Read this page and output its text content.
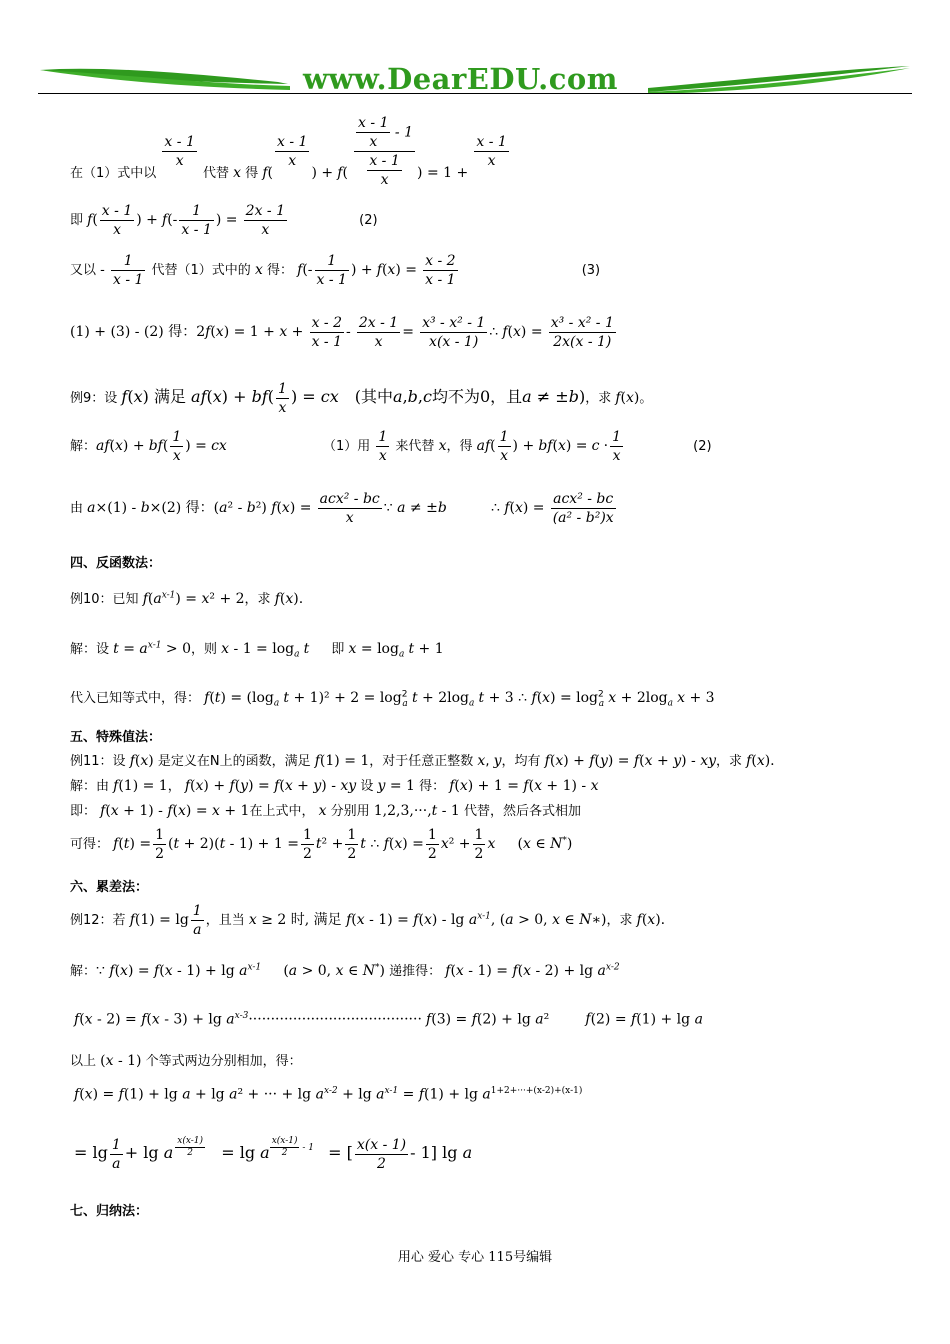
www.DearEDU.com
在（1）式中以
$\frac{x - 1}{x}$
代替 x 得 f(
$\frac{x - 1}{x}$
) + $f( \frac{\frac{x - 1}{x} - 1}{\frac{x - 1}{x}}$ ) = 1 +
$\frac{x - 1}{x}$
即 $f( \frac{x - 1}{x}$ ) + $f(- \frac{1}{x - 1}$ ) = $\frac{2x - 1}{x}$	(2)
又以 - $\frac{1}{x - 1}$ 代替（1）式中的 x 得： $f(- \frac{1}{x - 1}$ ) + $f(x) = \frac{x - 2}{x - 1}$	(3)
(1) + (3) - (2) 得：$2f(x) = 1 + x + \frac{x - 2}{x - 1} - \frac{2x - 1}{x} = \frac{\text{x³ - x² - 1}}{x(x - 1)}$ ∴ $f(x) = \frac{\text{x³ - x² - 1}}{2x(x - 1)}$
例9：设 f(x) 满足 $af(x) + bf( \frac{1}{x}$ ) = cx　(其中a,b,c均不为0，且a ≠ ±b)，求 f(x)。
解：$af(x) + bf( \frac{1}{x}$ ) = cx	（1）用 $\frac{1}{x}$ 来代替 x，得 $af( \frac{1}{x}$ ) + $bf(x) = c \cdot \frac{1}{x}$	(2)
由 a×(1) - b×(2) 得：(a² - b²) $f(x) = \frac{\text{acx² - bc}}{x}$ ∵ a ≠ ±b	∴ $f(x) = \frac{\text{acx² - bc}}{\text{(a² - b²)x}}$
四、反函数法：
例10：已知 $f(a^{x-1}) = x^2 + 2$，求 f(x).
解：设 $t = a^{x-1} > 0$，则 $x - 1 = \log_a t$ 即 $x = \log_a t + 1$
代入已知等式中，得： $f(t) = (\log_a$ $t + 1)^2 + 2 = \log^2_a t + 2\log_a$ t + 3 ∴ $f(x) = \log^2_a x + 2\log_a$ x + 3
五、特殊值法：
例11：设 f(x) 是定义在N上的函数，满足 f(1) = 1，对于任意正整数 x, y，均有 f(x) + f(y) = f(x + y) - xy，求 f(x).
解：由 f(1) = 1， f(x) + f(y) = f(x + y) - xy 设 y = 1 得： f(x) + 1 = f(x + 1) - x
即： f(x + 1) - f(x) = x + 1在上式中， x 分别用 1,2,3,···,t - 1 代替，然后各式相加
可得： $f(t) = \frac{1}{2} (t + 2)(t - 1) + 1 = \frac{1}{2} t^2 + \frac{1}{2}$ t ∴ $f(x) = \frac{1}{2} x^2 + \frac{1}{2}$ x (x ∈ N*)
六、累差法：
例12：若 $f(1) = \lg \frac{1}{a}$ ，且当 x ≥ 2 时, 满足 $f(x - 1) = f(x) - \lg a^{x-1}$, (a > 0, x ∈ N∗)，求 f(x).
解：∵ $f(x) = f(x - 1) + \lg a^{x-1}$ (a > 0, x ∈ N*) 递推得： $f(x - 1) = f(x - 2) + \lg a^{x-2}$
$f(x - 2) = f(x - 3) + \lg a^{x-3}\cdot\cdot\cdot\cdot\cdot\cdot\cdot\cdot\cdot\cdot\cdot\cdot\cdot\cdot\cdot\cdot\cdot\cdot\cdot\cdot\cdot\cdot\cdot\cdot\cdot\cdot\cdot\cdot\cdot\cdot\cdot\cdot\cdot\cdot\cdot\cdot\cdot\cdot\cdot f(3) = f(2) + \lg a^2$	f(2) = f(1) + lg a
以上 (x - 1) 个等式两边分别相加，得：
f(x) = f(1) + lg a + lg a² + ··· + $\lg a^{x-2} + \lg a^{x-1} = f(1) + \lg a^{1+2+\cdot\cdot\cdot+(x-2)+(x-1)}$
= $\lg \frac{1}{a} + \lg a$ $^{\frac{x(x-1)}{2}}$ = lg a $^{\frac{x(x-1)}{2} - 1}$ = [ $\frac{x(x - 1)}{2} - 1$] lg a
七、归纳法：
用心 爱心 专心 115号编辑
